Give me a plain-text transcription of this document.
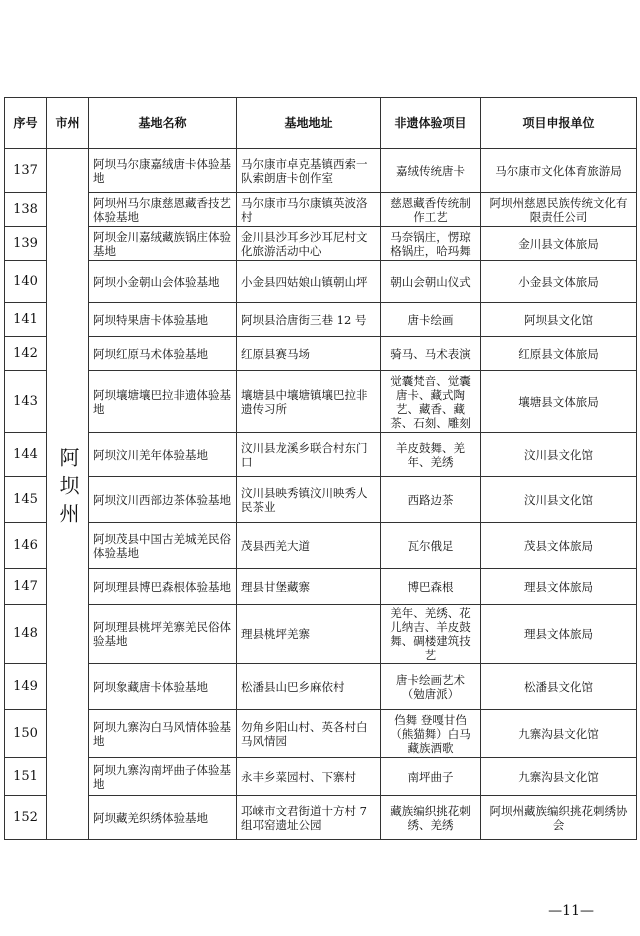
序号	市州	基地名称	基地地址	非遗体验项目	项目申报单位
137	阿坝州	阿坝马尔康嘉绒唐卡体验基地	马尔康市卓克基镇西索一队索朗唐卡创作室	嘉绒传统唐卡	马尔康市文化体育旅游局
138		阿坝州马尔康慈恩藏香技艺体验基地	马尔康市马尔康镇英波洛村	慈恩藏香传统制作工艺	阿坝州慈恩民族传统文化有限责任公司
139		阿坝金川嘉绒藏族锅庄体验基地	金川县沙耳乡沙耳尼村文化旅游活动中心	马奈锅庄，愣琼格锅庄，哈玛舞	金川县文体旅局
140		阿坝小金朝山会体验基地	小金县四姑娘山镇朝山坪	朝山会朝山仪式	小金县文体旅局
141		阿坝特果唐卡体验基地	阿坝县洽唐街三巷 12 号	唐卡绘画	阿坝县文化馆
142		阿坝红原马术体验基地	红原县赛马场	骑马、马术表演	红原县文体旅局
143		阿坝壤塘壤巴拉非遗体验基地	壤塘县中壤塘镇壤巴拉非遗传习所	觉囊梵音、觉囊唐卡、藏式陶艺、藏香、藏茶、石刻、雕刻	壤塘县文体旅局
144		阿坝汶川羌年体验基地	汶川县龙溪乡联合村东门口	羊皮鼓舞、羌年、羌绣	汶川县文化馆
145		阿坝汶川西部边茶体验基地	汶川县映秀镇汶川映秀人民茶业	西路边茶	汶川县文化馆
146		阿坝茂县中国古羌城羌民俗体验基地	茂县西羌大道	瓦尔俄足	茂县文体旅局
147		阿坝理县博巴森根体验基地	理县甘堡藏寨	博巴森根	理县文体旅局
148		阿坝理县桃坪羌寨羌民俗体验基地	理县桃坪羌寨	羌年、羌绣、花儿纳吉、羊皮鼓舞、碉楼建筑技艺	理县文体旅局
149		阿坝象藏唐卡体验基地	松潘县山巴乡麻依村	唐卡绘画艺术（勉唐派）	松潘县文化馆
150		阿坝九寨沟白马风情体验基地	勿角乡阳山村、英各村白马风情园	㑇舞 登嘎甘㑇（熊猫舞）白马藏族酒歌	九寨沟县文化馆
151		阿坝九寨沟南坪曲子体验基地	永丰乡菜园村、下寨村	南坪曲子	九寨沟县文化馆
152		阿坝藏羌织绣体验基地	邛崃市文君街道十方村 7 组邛窑遗址公园	藏族编织挑花刺绣、羌绣	阿坝州藏族编织挑花刺绣协会
—11—
